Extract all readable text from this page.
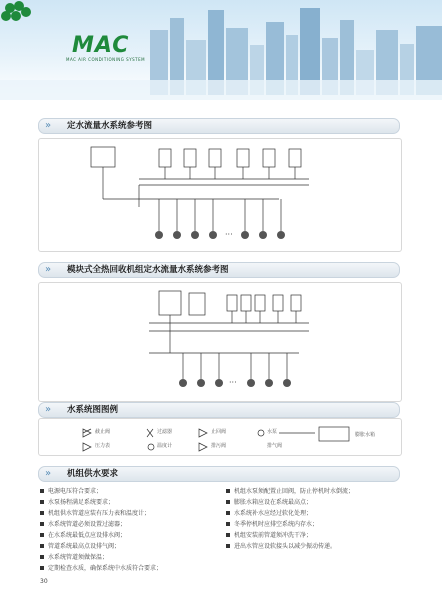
MAC
MAC AIR CONDITIONING SYSTEM
» 定水流量水系统参考图
···
» 模块式全热回收机组定水流量水系统参考图
···
» 水系统图图例
截止阀	过滤器	止回阀	水泵
压力表	温度计	排污阀	排气阀
膨胀水箱
» 机组供水要求
电源电压符合要求；
水泵扬程满足系统要求；
机组供水管道应装有压力表和温度计；
水系统管道必须设置过滤器；
在水系统最低点应设排水阀；
管道系统最高点设排气阀；
水系统管道须做保温；
定期检查水质，确保系统中水质符合要求；
机组水泵须配置止回阀，防止停机时水倒流；
膨胀水箱应设在系统最高点；
水系统补水应经过软化处理；
冬季停机时应排空系统内存水；
机组安装前管道须冲洗干净；
进出水管应设软接头以减少振动传递。
30
